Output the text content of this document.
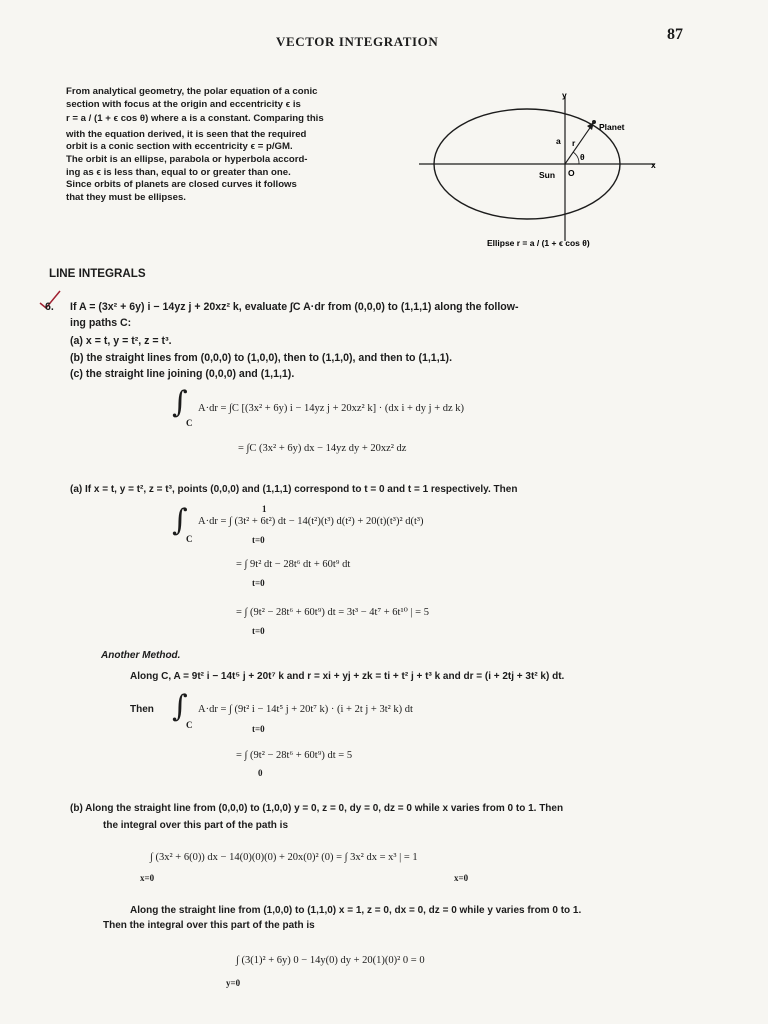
VECTOR INTEGRATION	87
From analytical geometry, the polar equation of a conic
section with focus at the origin and eccentricity ϵ is
r = a / (1 + ϵ cos θ) where a is a constant. Comparing this
with the equation derived, it is seen that the required
orbit is a conic section with eccentricity ϵ = p/GM.
The orbit is an ellipse, parabola or hyperbola accord-
ing as ϵ is less than, equal to or greater than one.
Since orbits of planets are closed curves it follows
that they must be ellipses.
y
x
Planet
a r
θ
Sun O
Ellipse r = a / (1 + ϵ cos θ)
LINE INTEGRALS
6. If A = (3x² + 6y) i − 14yz j + 20xz² k, evaluate ∫C A·dr from (0,0,0) to (1,1,1) along the follow-
ing paths C:
(a) x = t, y = t², z = t³.
(b) the straight lines from (0,0,0) to (1,0,0), then to (1,1,0), and then to (1,1,1).
(c) the straight line joining (0,0,0) and (1,1,1).
∫
C
A·dr = ∫C [(3x² + 6y) i − 14yz j + 20xz² k] · (dx i + dy j + dz k)
= ∫C (3x² + 6y) dx − 14yz dy + 20xz² dz
(a) If x = t, y = t², z = t³, points (0,0,0) and (1,1,1) correspond to t = 0 and t = 1 respectively. Then
∫
C
A·dr = ∫ (3t² + 6t²) dt − 14(t²)(t³) d(t²) + 20(t)(t³)² d(t³)
1
t=0
= ∫ 9t² dt − 28t⁶ dt + 60t⁹ dt
t=0
= ∫ (9t² − 28t⁶ + 60t⁹) dt = 3t³ − 4t⁷ + 6t¹⁰ | = 5
t=0
Another Method.
Along C, A = 9t² i − 14t⁵ j + 20t⁷ k and r = xi + yj + zk = ti + t² j + t³ k and dr = (i + 2tj + 3t² k) dt.
Then ∫
C
A·dr = ∫ (9t² i − 14t⁵ j + 20t⁷ k) · (i + 2t j + 3t² k) dt
t=0
= ∫ (9t² − 28t⁶ + 60t⁹) dt = 5
0
(b) Along the straight line from (0,0,0) to (1,0,0) y = 0, z = 0, dy = 0, dz = 0 while x varies from 0 to 1. Then
the integral over this part of the path is
∫ (3x² + 6(0)) dx − 14(0)(0)(0) + 20x(0)² (0) = ∫ 3x² dx = x³ | = 1
x=0	x=0
Along the straight line from (1,0,0) to (1,1,0) x = 1, z = 0, dx = 0, dz = 0 while y varies from 0 to 1.
Then the integral over this part of the path is
∫ (3(1)² + 6y) 0 − 14y(0) dy + 20(1)(0)² 0 = 0
y=0
